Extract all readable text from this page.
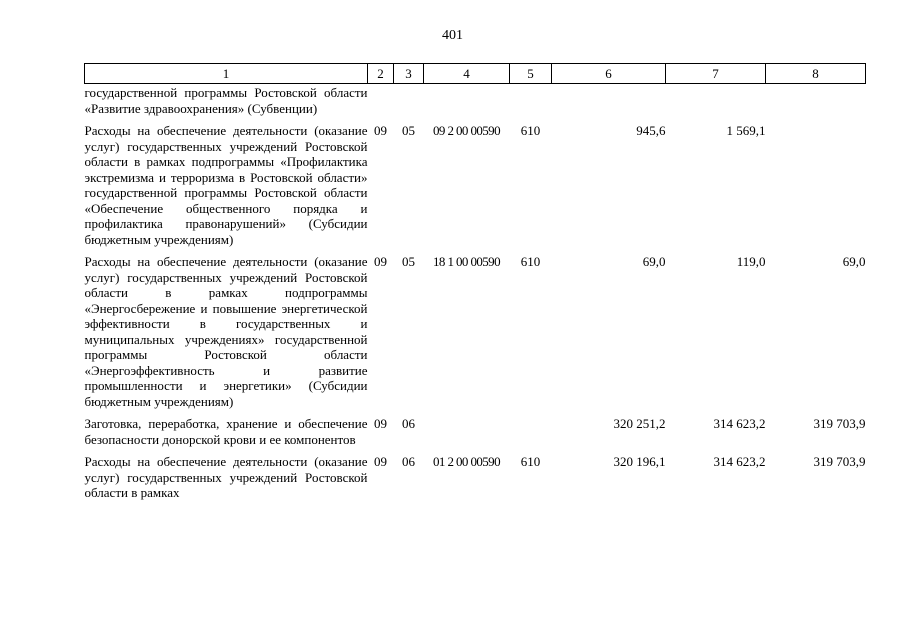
401
1	2	3	4	5	6	7	8
государственной программы Ростовской области «Развитие здравоохранения» (Субвенции)							
Расходы на обеспечение деятельности (оказание услуг) государственных учреждений Ростовской области в рамках подпрограммы «Профилактика экстремизма и терроризма в Ростовской области» государственной программы Ростовской области «Обеспечение общественного порядка и профилактика правонарушений» (Субсидии бюджетным учреждениям)	09	05	09 2 00 00590	610	945,6	1 569,1	
Расходы на обеспечение деятельности (оказание услуг) государственных учреждений Ростовской области в рамках подпрограммы «Энергосбережение и повышение энергетической эффективности в государственных и муниципальных учреждениях» государственной программы Ростовской области «Энергоэффективность и развитие промышленности и энергетики» (Субсидии бюджетным учреждениям)	09	05	18 1 00 00590	610	69,0	119,0	69,0
Заготовка, переработка, хранение и обеспечение безопасности донорской крови и ее компонентов	09	06			320 251,2	314 623,2	319 703,9
Расходы на обеспечение деятельности (оказание услуг) государственных учреждений Ростовской области в рамках	09	06	01 2 00 00590	610	320 196,1	314 623,2	319 703,9
